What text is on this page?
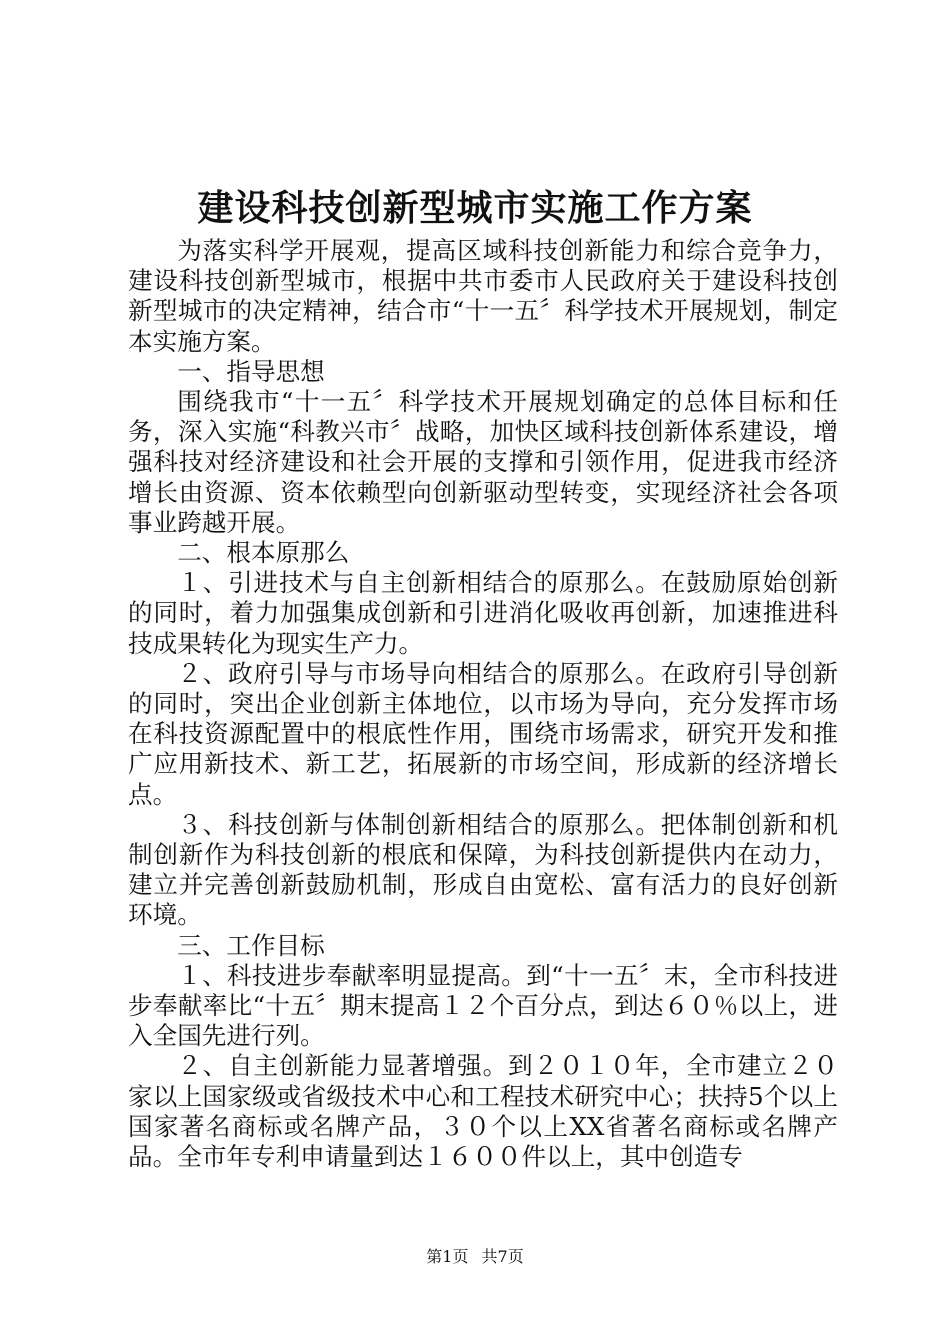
建设科技创新型城市实施工作方案

为落实科学开展观，提高区域科技创新能力和综合竞争力，建设科技创新型城市，根据中共市委市人民政府关于建设科技创新型城市的决定精神，结合市“十一五〞科学技术开展规划，制定本实施方案。

一、指导思想

围绕我市“十一五〞科学技术开展规划确定的总体目标和任务，深入实施“科教兴市〞战略，加快区域科技创新体系建设，增强科技对经济建设和社会开展的支撑和引领作用，促进我市经济增长由资源、资本依赖型向创新驱动型转变，实现经济社会各项事业跨越开展。

二、根本原那么

１、引进技术与自主创新相结合的原那么。在鼓励原始创新的同时，着力加强集成创新和引进消化吸收再创新，加速推进科技成果转化为现实生产力。

２、政府引导与市场导向相结合的原那么。在政府引导创新的同时，突出企业创新主体地位，以市场为导向，充分发挥市场在科技资源配置中的根底性作用，围绕市场需求，研究开发和推广应用新技术、新工艺，拓展新的市场空间，形成新的经济增长点。

３、科技创新与体制创新相结合的原那么。把体制创新和机制创新作为科技创新的根底和保障，为科技创新提供内在动力，建立并完善创新鼓励机制，形成自由宽松、富有活力的良好创新环境。

三、工作目标

１、科技进步奉献率明显提高。到“十一五〞末，全市科技进步奉献率比“十五〞期末提高１２个百分点，到达６０％以上，进入全国先进行列。

２、自主创新能力显著增强。到２０１０年，全市建立２０家以上国家级或省级技术中心和工程技术研究中心；扶持5个以上国家著名商标或名牌产品，３０个以上XX省著名商标或名牌产品。全市年专利申请量到达１６００件以上，其中创造专

第1页 共7页
